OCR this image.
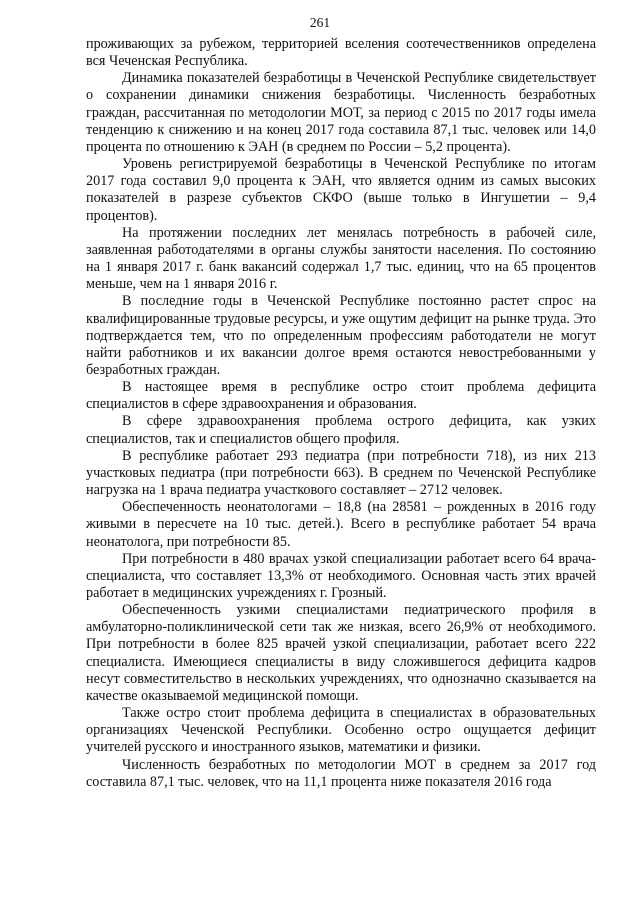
261

проживающих за рубежом, территорией вселения соотечественников определена вся Чеченская Республика.

Динамика показателей безработицы в Чеченской Республике свидетельствует о сохранении динамики снижения безработицы. Численность безработных граждан, рассчитанная по методологии МОТ, за период с 2015 по 2017 годы имела тенденцию к снижению и на конец 2017 года составила 87,1 тыс. человек или 14,0 процента по отношению к ЭАН (в среднем по России – 5,2 процента).

Уровень регистрируемой безработицы в Чеченской Республике по итогам 2017 года составил 9,0 процента к ЭАН, что является одним из самых высоких показателей в разрезе субъектов СКФО (выше только в Ингушетии – 9,4 процентов).

На протяжении последних лет менялась потребность в рабочей силе, заявленная работодателями в органы службы занятости населения. По состоянию на 1 января 2017 г. банк вакансий содержал 1,7 тыс. единиц, что на 65 процентов меньше, чем на 1 января 2016 г.

В последние годы в Чеченской Республике постоянно растет спрос на квалифицированные трудовые ресурсы, и уже ощутим дефицит на рынке труда. Это подтверждается тем, что по определенным профессиям работодатели не могут найти работников и их вакансии долгое время остаются невостребованными у безработных граждан.

В настоящее время в республике остро стоит проблема дефицита специалистов в сфере здравоохранения и образования.

В сфере здравоохранения проблема острого дефицита, как узких специалистов, так и специалистов общего профиля.

В республике работает 293 педиатра (при потребности 718), из них 213 участковых педиатра (при потребности 663). В среднем по Чеченской Республике нагрузка на 1 врача педиатра участкового составляет – 2712 человек.

Обеспеченность неонатологами – 18,8 (на 28581 – рожденных в 2016 году живыми в пересчете на 10 тыс. детей.). Всего в республике работает 54 врача неонатолога, при потребности 85.

При потребности в 480 врачах узкой специализации работает всего 64 врача-специалиста, что составляет 13,3% от необходимого. Основная часть этих врачей работает в медицинских учреждениях г. Грозный.

Обеспеченность узкими специалистами педиатрического профиля в амбулаторно-поликлинической сети так же низкая, всего 26,9% от необходимого. При потребности в более 825 врачей узкой специализации, работает всего 222 специалиста. Имеющиеся специалисты в виду сложившегося дефицита кадров несут совместительство в нескольких учреждениях, что однозначно сказывается на качестве оказываемой медицинской помощи.

Также остро стоит проблема дефицита в специалистах в образовательных организациях Чеченской Республики. Особенно остро ощущается дефицит учителей русского и иностранного языков, математики и физики.

Численность безработных по методологии МОТ в среднем за 2017 год составила 87,1 тыс. человек, что на 11,1 процента ниже показателя 2016 года
